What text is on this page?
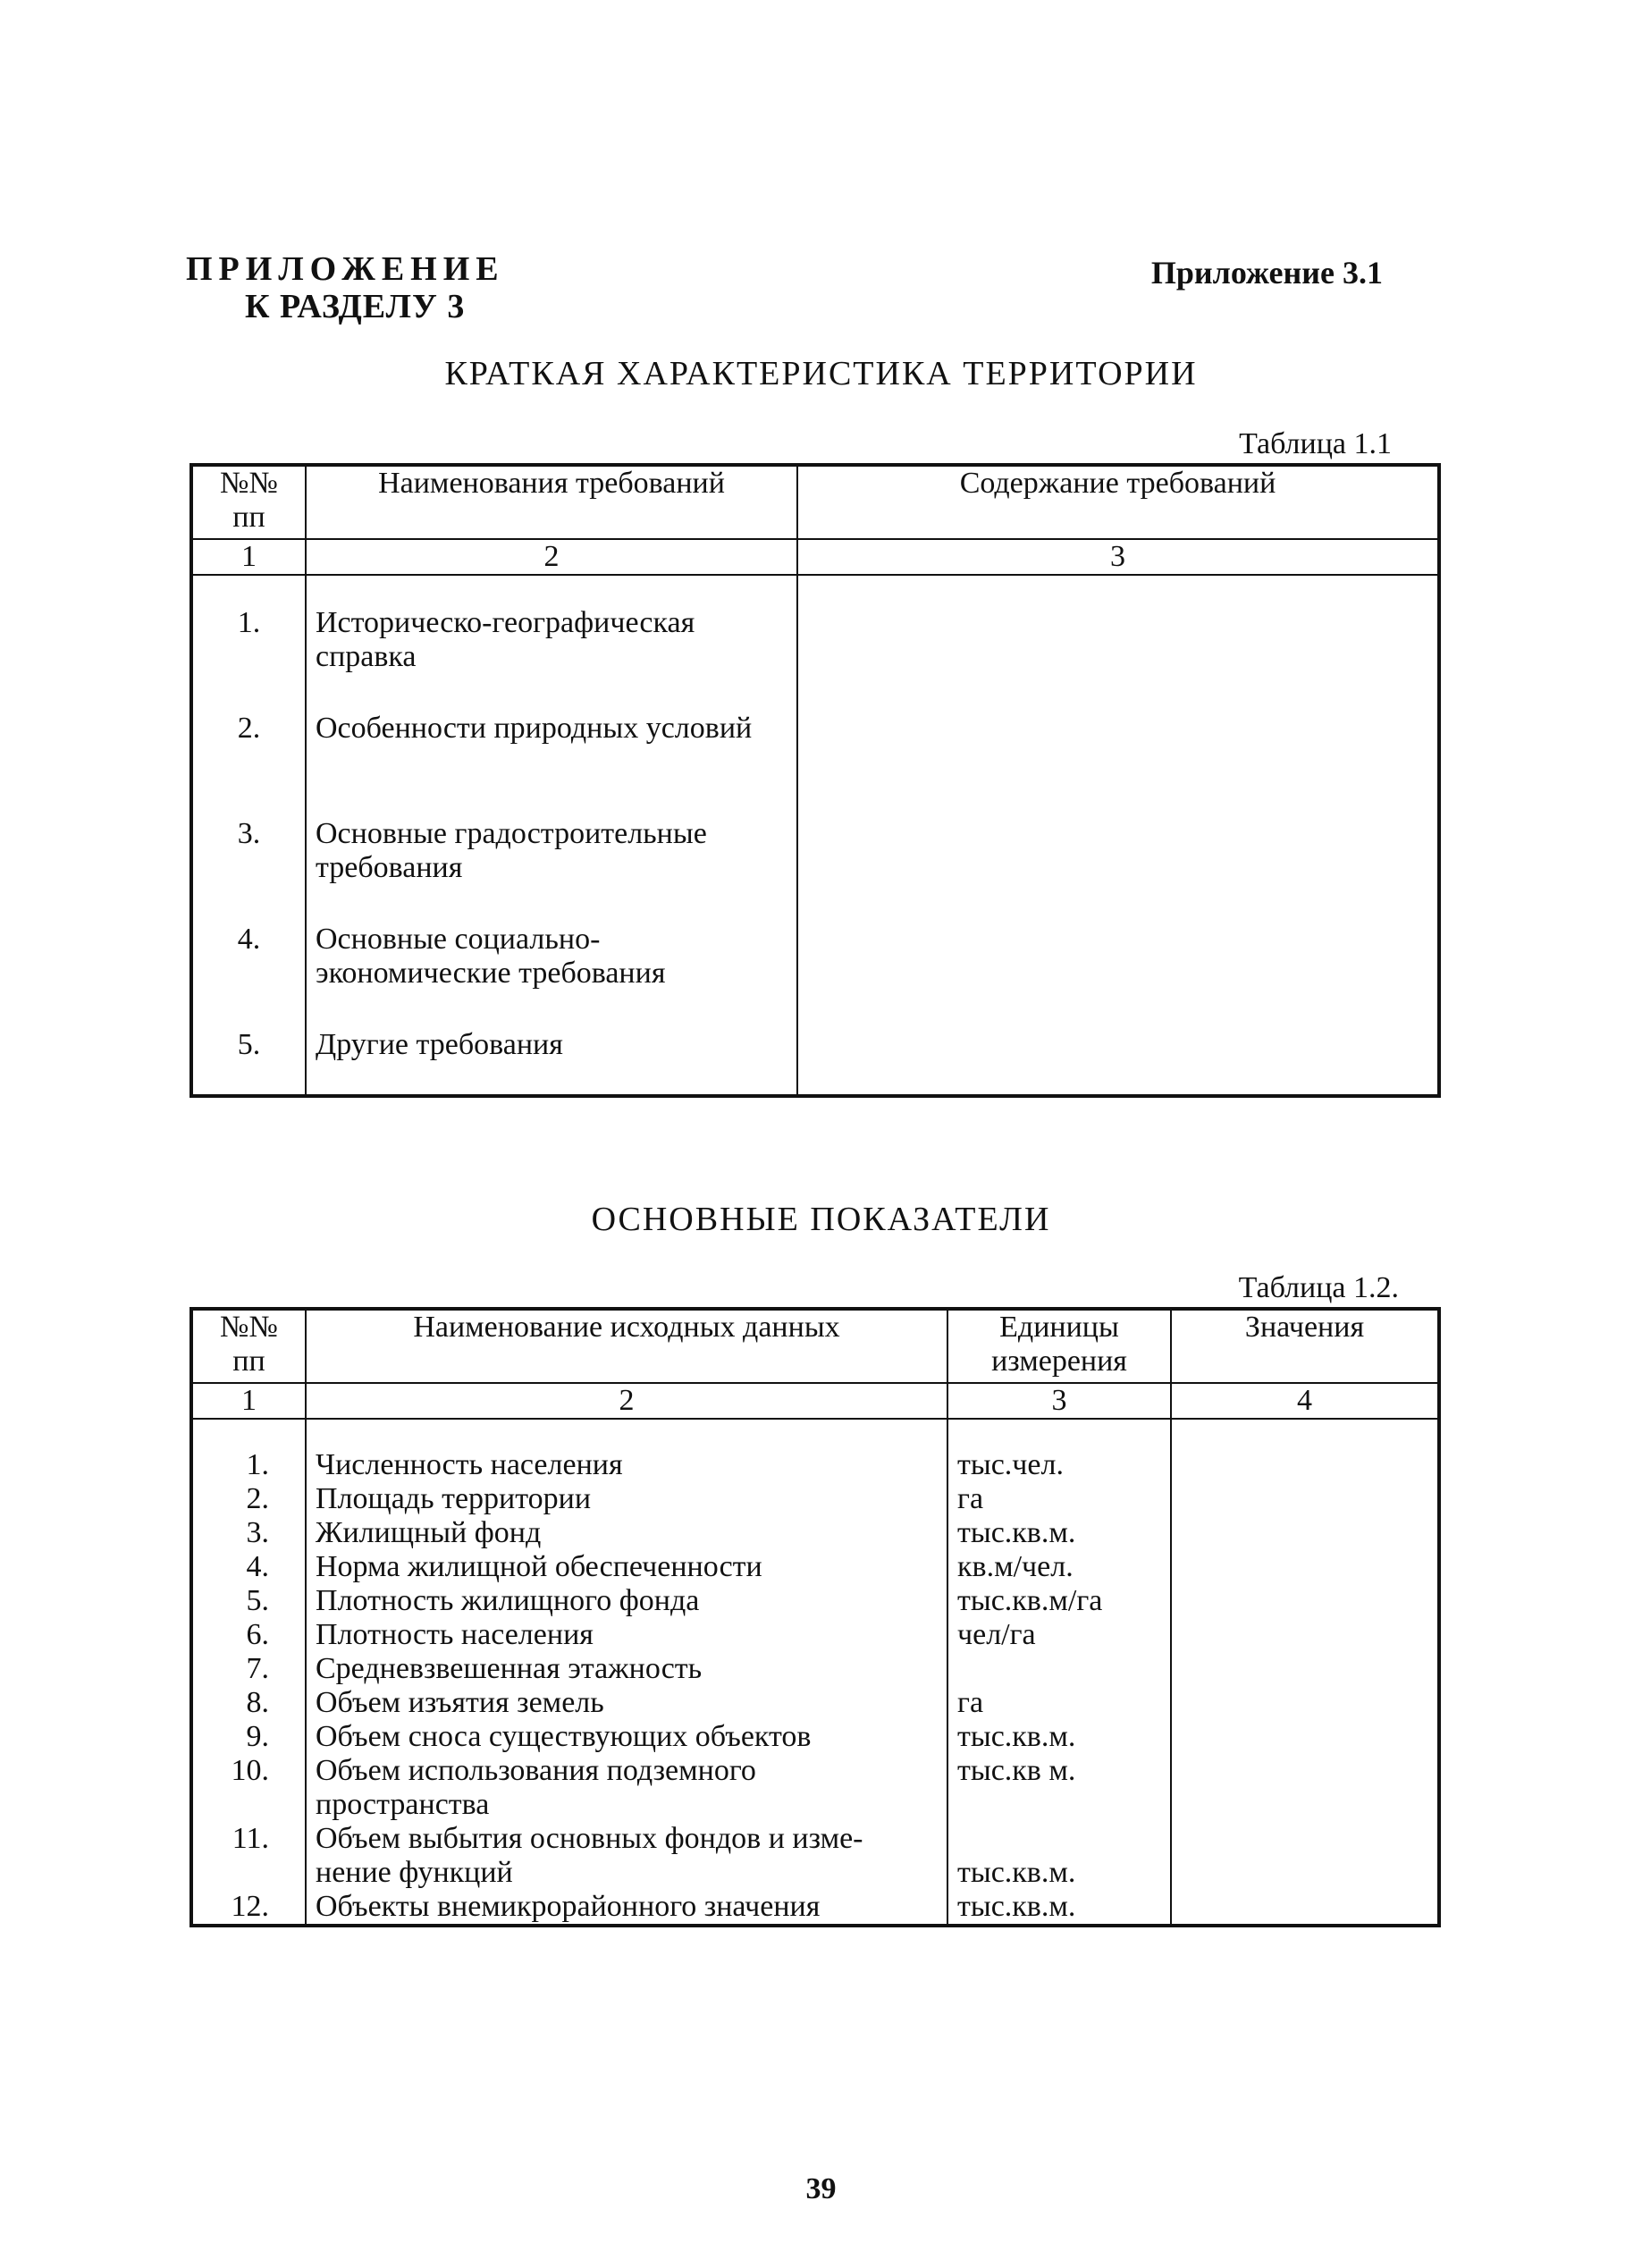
ПРИЛОЖЕНИЕ
К РАЗДЕЛУ 3
Приложение 3.1
КРАТКАЯ ХАРАКТЕРИСТИКА ТЕРРИТОРИИ
Таблица 1.1
№№ пп	Наименования требований	Содержание требований
1	2	3

1.	Историческо-географическая справка	
2.	Особенности природных условий	
3.	Основные градостроительные требования	
4.	Основные социально-экономические требования	
5.	Другие требования	
ОСНОВНЫЕ ПОКАЗАТЕЛИ
Таблица 1.2.
№№ пп	Наименование исходных данных	Единицы измерения	Значения
1	2	3	4

1.	Численность населения	тыс.чел.	
2.	Площадь территории	га	
3.	Жилищный фонд	тыс.кв.м.	
4.	Норма жилищной обеспеченности	кв.м/чел.	
5.	Плотность жилищного фонда	тыс.кв.м/га	
6.	Плотность населения	чел/га	
7.	Средневзвешенная этажность		
8.	Объем изъятия земель	га	
9.	Объем сноса существующих объектов	тыс.кв.м.	
10.	Объем использования подземного	тыс.кв м.	
	пространства		
11.	Объем выбытия основных фондов и изме-		
	нение функций	тыс.кв.м.	
12.	Объекты внемикрорайонного значения	тыс.кв.м.	
39
